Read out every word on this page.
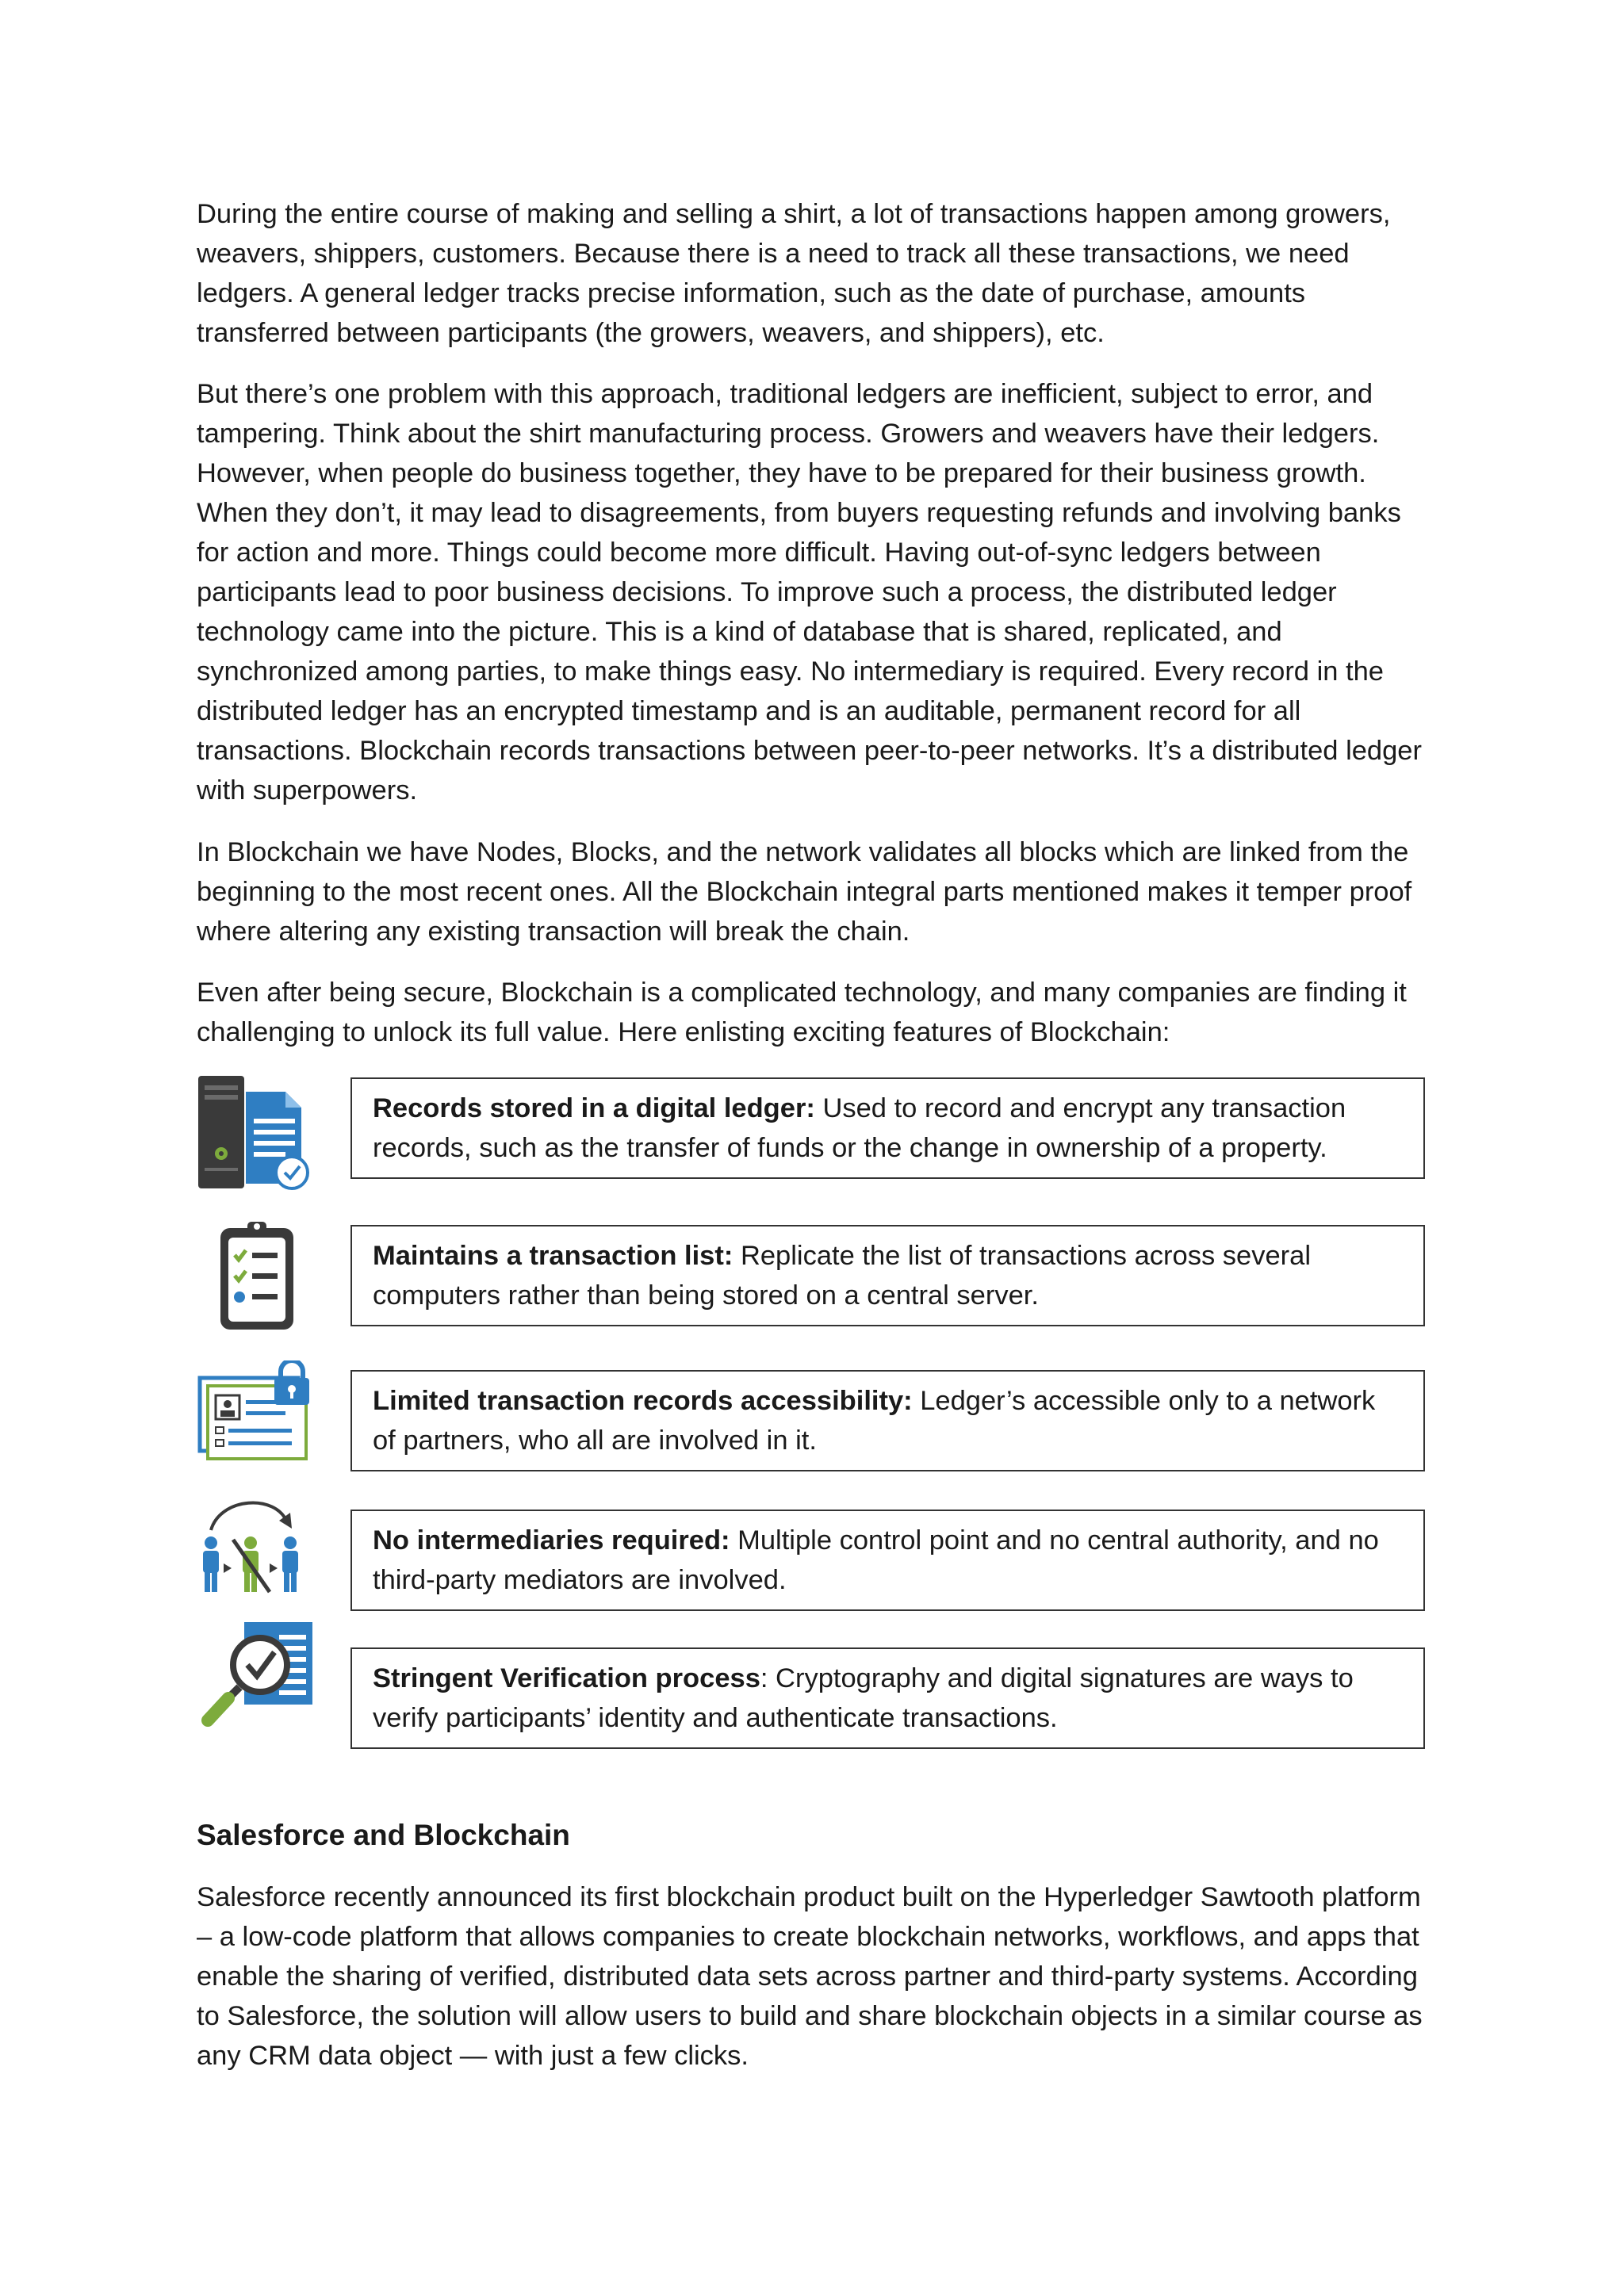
During the entire course of making and selling a shirt, a lot of transactions happen among growers, weavers, shippers, customers. Because there is a need to track all these transactions, we need ledgers. A general ledger tracks precise information, such as the date of purchase, amounts transferred between participants (the growers, weavers, and shippers), etc.

But there’s one problem with this approach, traditional ledgers are inefficient, subject to error, and tampering. Think about the shirt manufacturing process. Growers and weavers have their ledgers. However, when people do business together, they have to be prepared for their business growth. When they don’t, it may lead to disagreements, from buyers requesting refunds and involving banks for action and more. Things could become more difficult. Having out-of-sync ledgers between participants lead to poor business decisions. To improve such a process, the distributed ledger technology came into the picture. This is a kind of database that is shared, replicated, and synchronized among parties, to make things easy. No intermediary is required. Every record in the distributed ledger has an encrypted timestamp and is an auditable, permanent record for all transactions. Blockchain records transactions between peer-to-peer networks. It’s a distributed ledger with superpowers.

In Blockchain we have Nodes, Blocks, and the network validates all blocks which are linked from the beginning to the most recent ones. All the Blockchain integral parts mentioned makes it temper proof where altering any existing transaction will break the chain.

Even after being secure, Blockchain is a complicated technology, and many companies are finding it challenging to unlock its full value. Here enlisting exciting features of Blockchain:

Records stored in a digital ledger: Used to record and encrypt any transaction records, such as the transfer of funds or the change in ownership of a property.
Maintains a transaction list: Replicate the list of transactions across several computers rather than being stored on a central server.
Limited transaction records accessibility: Ledger’s accessible only to a network of partners, who all are involved in it.
No intermediaries required: Multiple control point and no central authority, and no third-party mediators are involved.
Stringent Verification process: Cryptography and digital signatures are ways to verify participants’ identity and authenticate transactions.
Salesforce and Blockchain

Salesforce recently announced its first blockchain product built on the Hyperledger Sawtooth platform – a low-code platform that allows companies to create blockchain networks, workflows, and apps that enable the sharing of verified, distributed data sets across partner and third-party systems. According to Salesforce, the solution will allow users to build and share blockchain objects in a similar course as any CRM data object — with just a few clicks.
